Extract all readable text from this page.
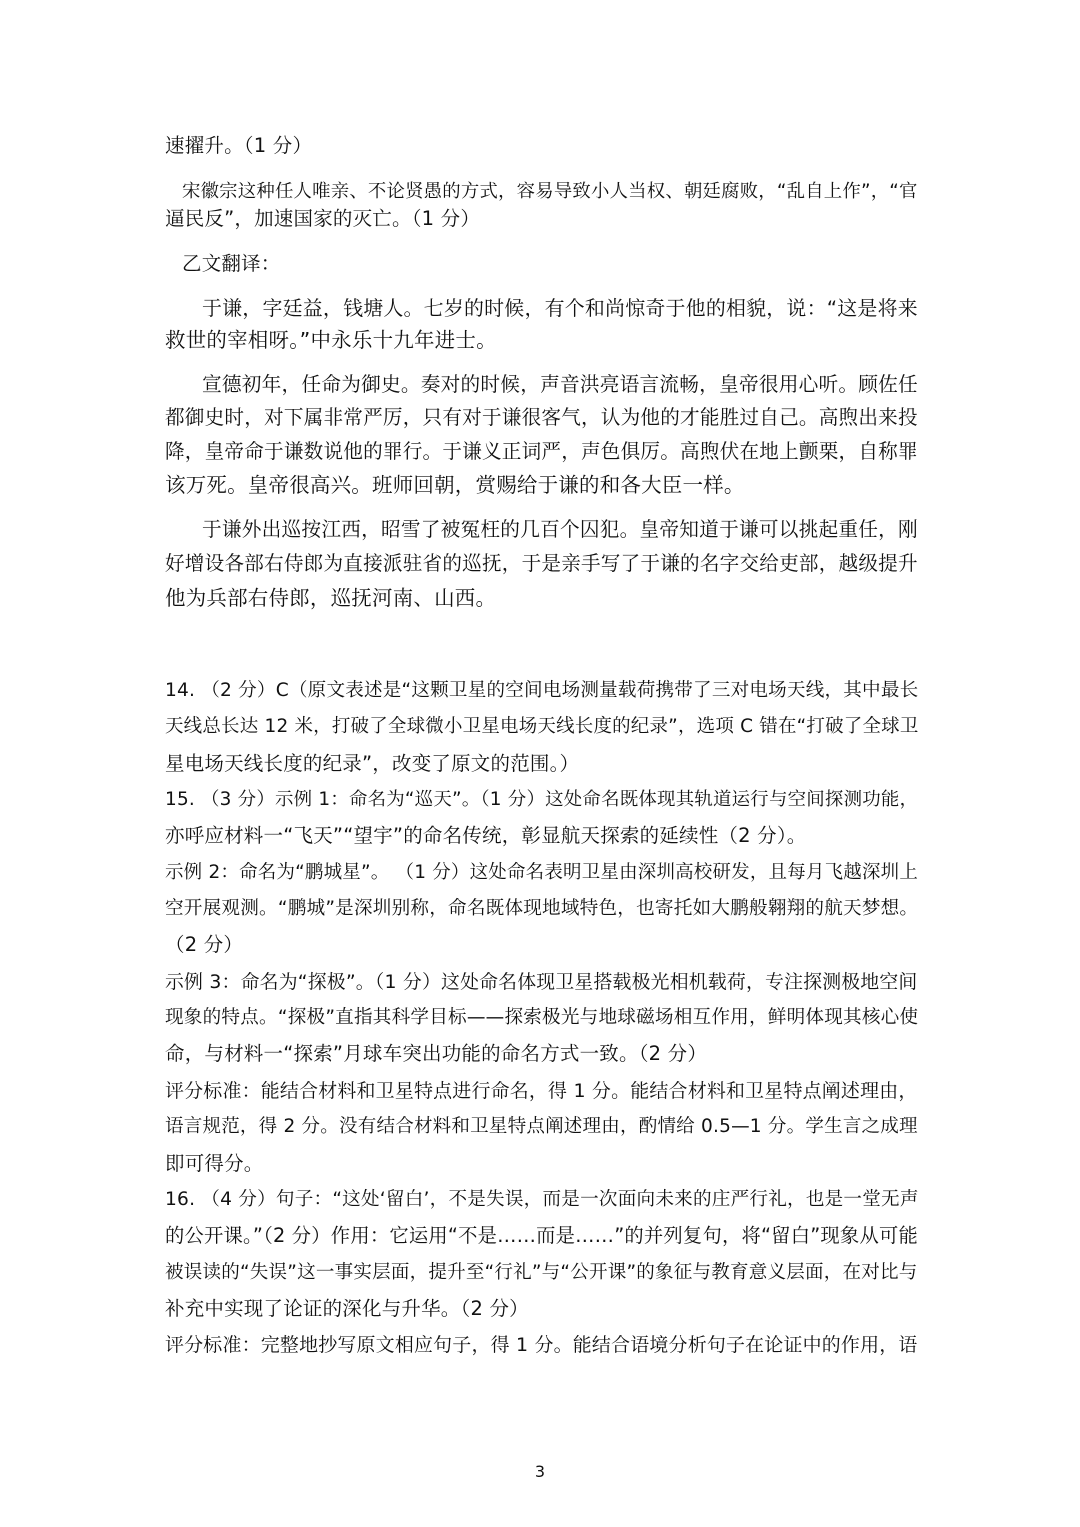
速擢升。（1 分）
宋徽宗这种任人唯亲、不论贤愚的方式，容易导致小人当权、朝廷腐败，“乱自上作”，“官
逼民反”，加速国家的灭亡。（1 分）
乙文翻译：
于谦，字廷益，钱塘人。七岁的时候，有个和尚惊奇于他的相貌，说：“这是将来
救世的宰相呀。”中永乐十九年进士。
宣德初年，任命为御史。奏对的时候，声音洪亮语言流畅，皇帝很用心听。顾佐任
都御史时，对下属非常严厉，只有对于谦很客气，认为他的才能胜过自己。高煦出来投
降，皇帝命于谦数说他的罪行。于谦义正词严，声色俱厉。高煦伏在地上颤栗，自称罪
该万死。皇帝很高兴。班师回朝，赏赐给于谦的和各大臣一样。
于谦外出巡按江西，昭雪了被冤枉的几百个囚犯。皇帝知道于谦可以挑起重任，刚
好增设各部右侍郎为直接派驻省的巡抚，于是亲手写了于谦的名字交给吏部，越级提升
他为兵部右侍郎，巡抚河南、山西。
14. （2 分）C（原文表述是“这颗卫星的空间电场测量载荷携带了三对电场天线，其中最长
天线总长达 12 米，打破了全球微小卫星电场天线长度的纪录”，选项 C 错在“打破了全球卫
星电场天线长度的纪录”，改变了原文的范围。）
15. （3 分）示例 1：命名为“巡天”。（1 分）这处命名既体现其轨道运行与空间探测功能，
亦呼应材料一“飞天”“望宇”的命名传统，彰显航天探索的延续性（2 分）。
示例 2：命名为“鹏城星”。 （1 分）这处命名表明卫星由深圳高校研发，且每月飞越深圳上
空开展观测。“鹏城”是深圳别称，命名既体现地域特色，也寄托如大鹏般翱翔的航天梦想。
（2 分）
示例 3：命名为“探极”。（1 分）这处命名体现卫星搭载极光相机载荷，专注探测极地空间
现象的特点。“探极”直指其科学目标——探索极光与地球磁场相互作用，鲜明体现其核心使
命，与材料一“探索”月球车突出功能的命名方式一致。（2 分）
评分标准：能结合材料和卫星特点进行命名，得 1 分。能结合材料和卫星特点阐述理由，
语言规范，得 2 分。没有结合材料和卫星特点阐述理由，酌情给 0.5—1 分。学生言之成理
即可得分。
16. （4 分）句子：“这处‘留白’，不是失误，而是一次面向未来的庄严行礼，也是一堂无声
的公开课。”（2 分）作用：它运用“不是……而是……”的并列复句，将“留白”现象从可能
被误读的“失误”这一事实层面，提升至“行礼”与“公开课”的象征与教育意义层面，在对比与
补充中实现了论证的深化与升华。（2 分）
评分标准：完整地抄写原文相应句子，得 1 分。能结合语境分析句子在论证中的作用，语
3
